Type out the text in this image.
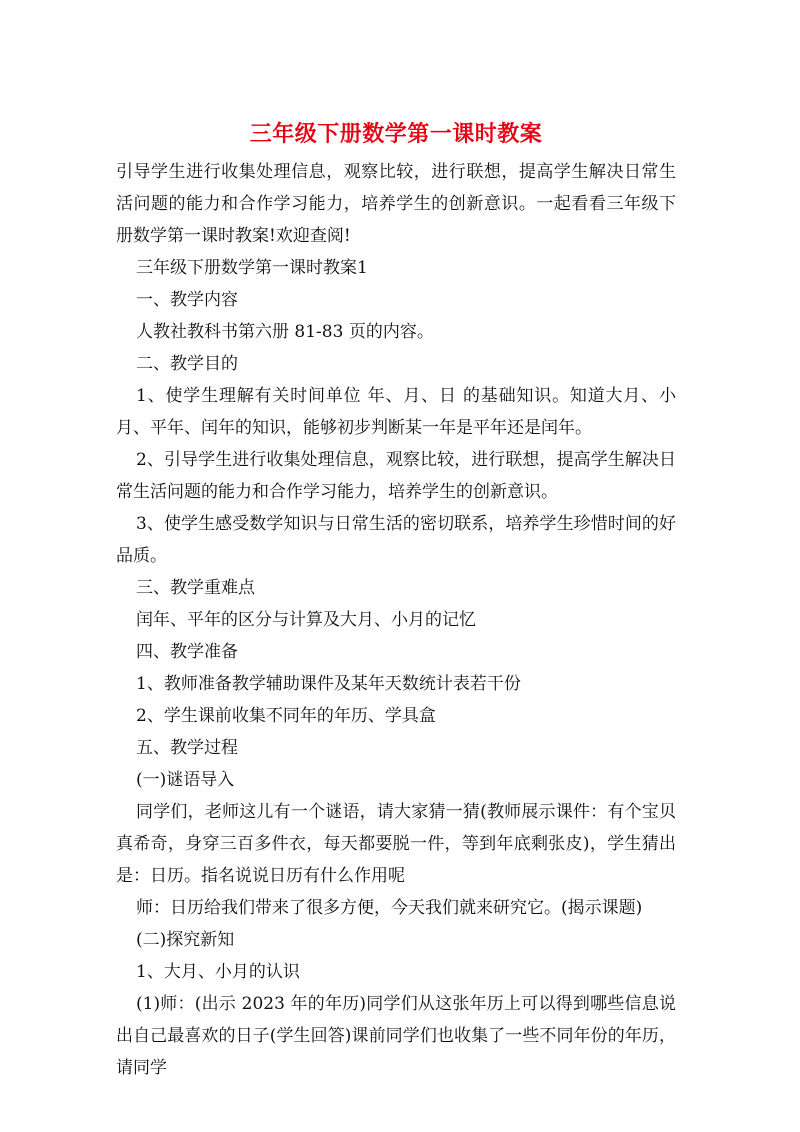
三年级下册数学第一课时教案

引导学生进行收集处理信息，观察比较，进行联想，提高学生解决日常生活问题的能力和合作学习能力，培养学生的创新意识。一起看看三年级下册数学第一课时教案!欢迎查阅!

三年级下册数学第一课时教案1

一、教学内容

人教社教科书第六册 81-83 页的内容。

二、教学目的

1、使学生理解有关时间单位 年、月、日 的基础知识。知道大月、小月、平年、闰年的知识，能够初步判断某一年是平年还是闰年。

2、引导学生进行收集处理信息，观察比较，进行联想，提高学生解决日常生活问题的能力和合作学习能力，培养学生的创新意识。

3、使学生感受数学知识与日常生活的密切联系，培养学生珍惜时间的好品质。

三、教学重难点

闰年、平年的区分与计算及大月、小月的记忆

四、教学准备

1、教师准备教学辅助课件及某年天数统计表若干份

2、学生课前收集不同年的年历、学具盒

五、教学过程

(一)谜语导入

同学们，老师这儿有一个谜语，请大家猜一猜(教师展示课件：有个宝贝真希奇，身穿三百多件衣，每天都要脱一件，等到年底剩张皮)，学生猜出是：日历。指名说说日历有什么作用呢

师：日历给我们带来了很多方便，今天我们就来研究它。(揭示课题)

(二)探究新知

1、大月、小月的认识

(1)师：(出示 2023 年的年历)同学们从这张年历上可以得到哪些信息说出自己最喜欢的日子(学生回答)课前同学们也收集了一些不同年份的年历，请同学
